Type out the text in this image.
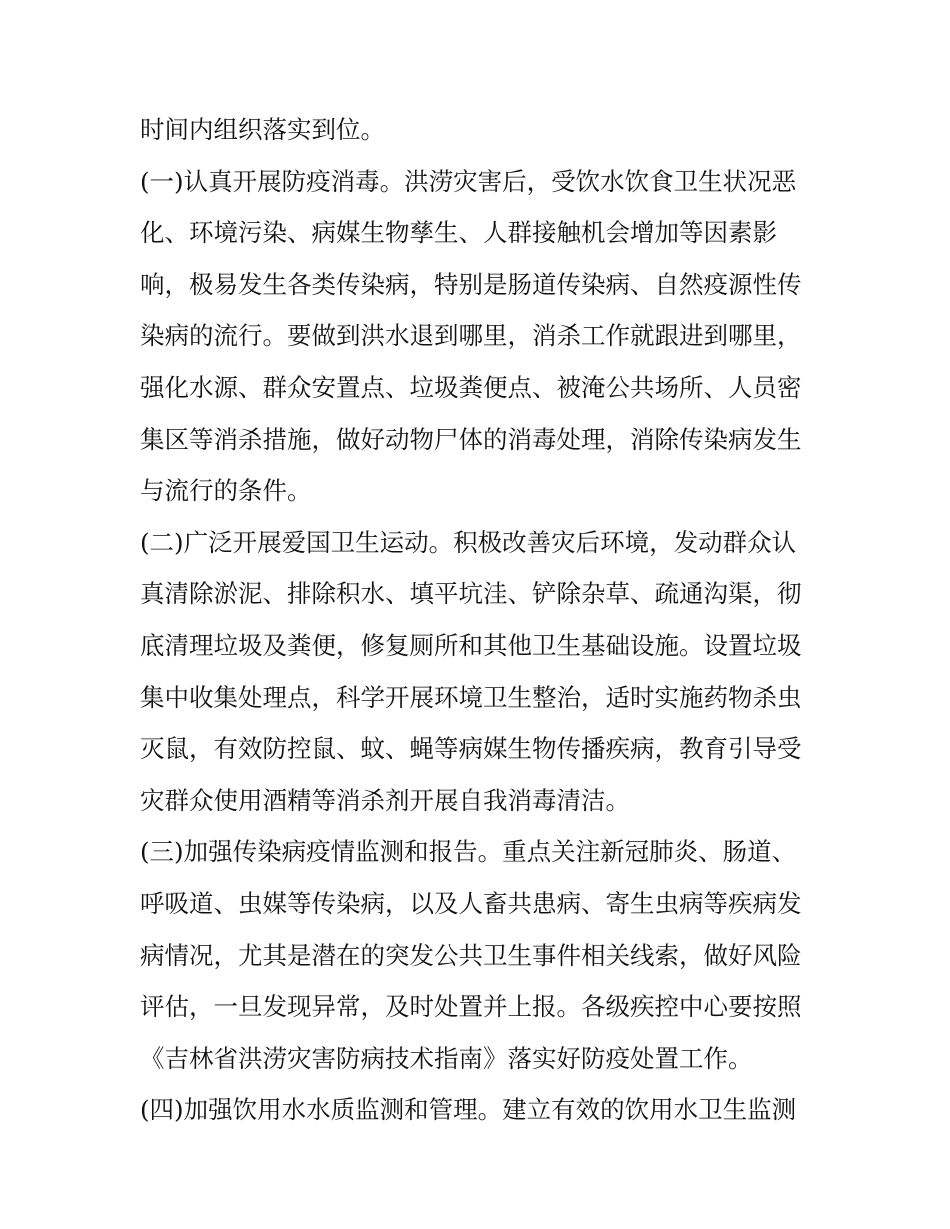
时间内组织落实到位。
(一)认真开展防疫消毒。洪涝灾害后，受饮水饮食卫生状况恶
化、环境污染、病媒生物孳生、人群接触机会增加等因素影
响，极易发生各类传染病，特别是肠道传染病、自然疫源性传
染病的流行。要做到洪水退到哪里，消杀工作就跟进到哪里，
强化水源、群众安置点、垃圾粪便点、被淹公共场所、人员密
集区等消杀措施，做好动物尸体的消毒处理，消除传染病发生
与流行的条件。
(二)广泛开展爱国卫生运动。积极改善灾后环境，发动群众认
真清除淤泥、排除积水、填平坑洼、铲除杂草、疏通沟渠，彻
底清理垃圾及粪便，修复厕所和其他卫生基础设施。设置垃圾
集中收集处理点，科学开展环境卫生整治，适时实施药物杀虫
灭鼠，有效防控鼠、蚊、蝇等病媒生物传播疾病，教育引导受
灾群众使用酒精等消杀剂开展自我消毒清洁。
(三)加强传染病疫情监测和报告。重点关注新冠肺炎、肠道、
呼吸道、虫媒等传染病，以及人畜共患病、寄生虫病等疾病发
病情况，尤其是潜在的突发公共卫生事件相关线索，做好风险
评估，一旦发现异常，及时处置并上报。各级疾控中心要按照
《吉林省洪涝灾害防病技术指南》落实好防疫处置工作。
(四)加强饮用水水质监测和管理。建立有效的饮用水卫生监测
